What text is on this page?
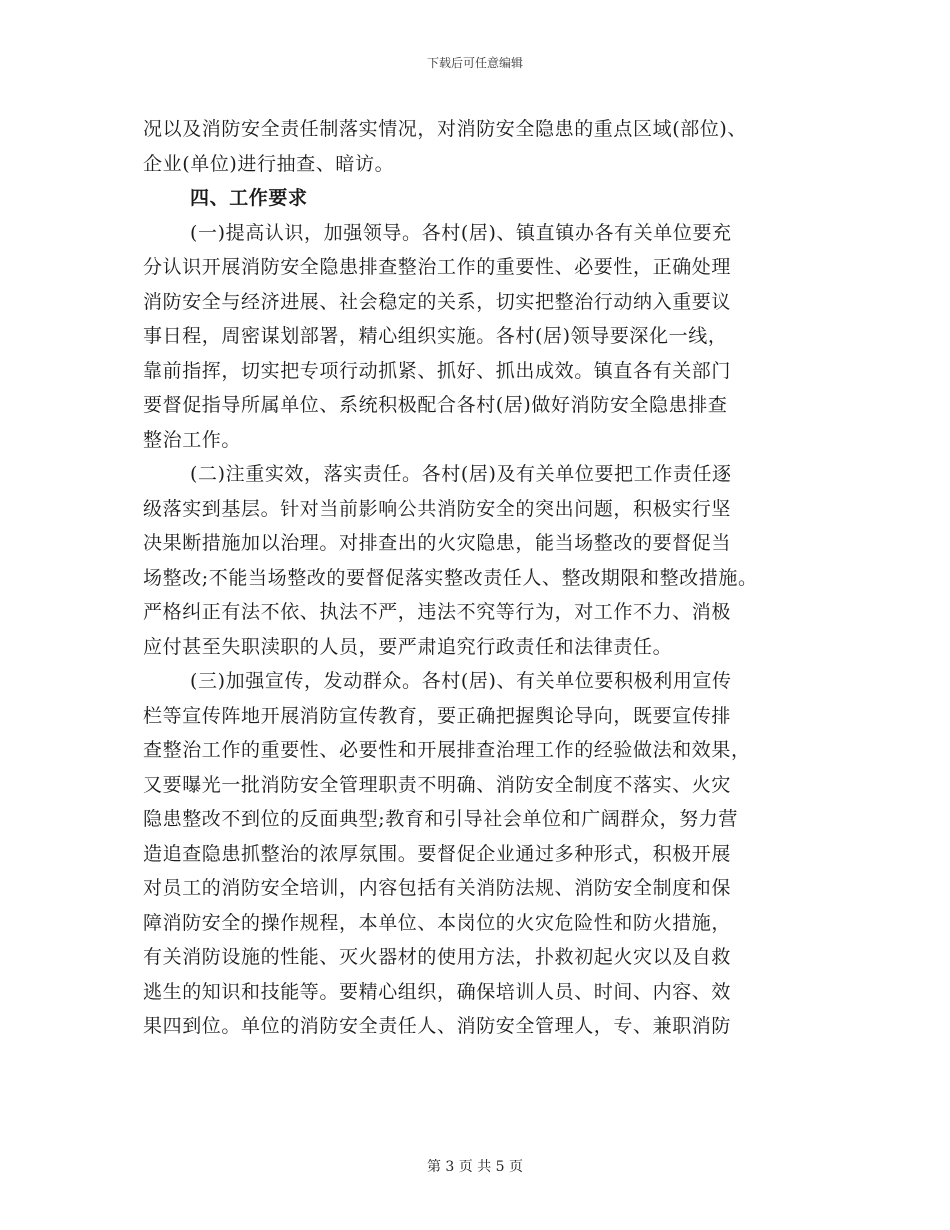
下载后可任意编辑
况以及消防安全责任制落实情况，对消防安全隐患的重点区域(部位)、
企业(单位)进行抽查、暗访。
四、工作要求
(一)提高认识，加强领导。各村(居)、镇直镇办各有关单位要充
分认识开展消防安全隐患排查整治工作的重要性、必要性，正确处理
消防安全与经济进展、社会稳定的关系，切实把整治行动纳入重要议
事日程，周密谋划部署，精心组织实施。各村(居)领导要深化一线，
靠前指挥，切实把专项行动抓紧、抓好、抓出成效。镇直各有关部门
要督促指导所属单位、系统积极配合各村(居)做好消防安全隐患排查
整治工作。
(二)注重实效，落实责任。各村(居)及有关单位要把工作责任逐
级落实到基层。针对当前影响公共消防安全的突出问题，积极实行坚
决果断措施加以治理。对排查出的火灾隐患，能当场整改的要督促当
场整改;不能当场整改的要督促落实整改责任人、整改期限和整改措施。
严格纠正有法不依、执法不严，违法不究等行为，对工作不力、消极
应付甚至失职渎职的人员，要严肃追究行政责任和法律责任。
(三)加强宣传，发动群众。各村(居)、有关单位要积极利用宣传
栏等宣传阵地开展消防宣传教育，要正确把握舆论导向，既要宣传排
查整治工作的重要性、必要性和开展排查治理工作的经验做法和效果，
又要曝光一批消防安全管理职责不明确、消防安全制度不落实、火灾
隐患整改不到位的反面典型;教育和引导社会单位和广阔群众，努力营
造追查隐患抓整治的浓厚氛围。要督促企业通过多种形式，积极开展
对员工的消防安全培训，内容包括有关消防法规、消防安全制度和保
障消防安全的操作规程，本单位、本岗位的火灾危险性和防火措施，
有关消防设施的性能、灭火器材的使用方法，扑救初起火灾以及自救
逃生的知识和技能等。要精心组织，确保培训人员、时间、内容、效
果四到位。单位的消防安全责任人、消防安全管理人，专、兼职消防
第 3 页 共 5 页
